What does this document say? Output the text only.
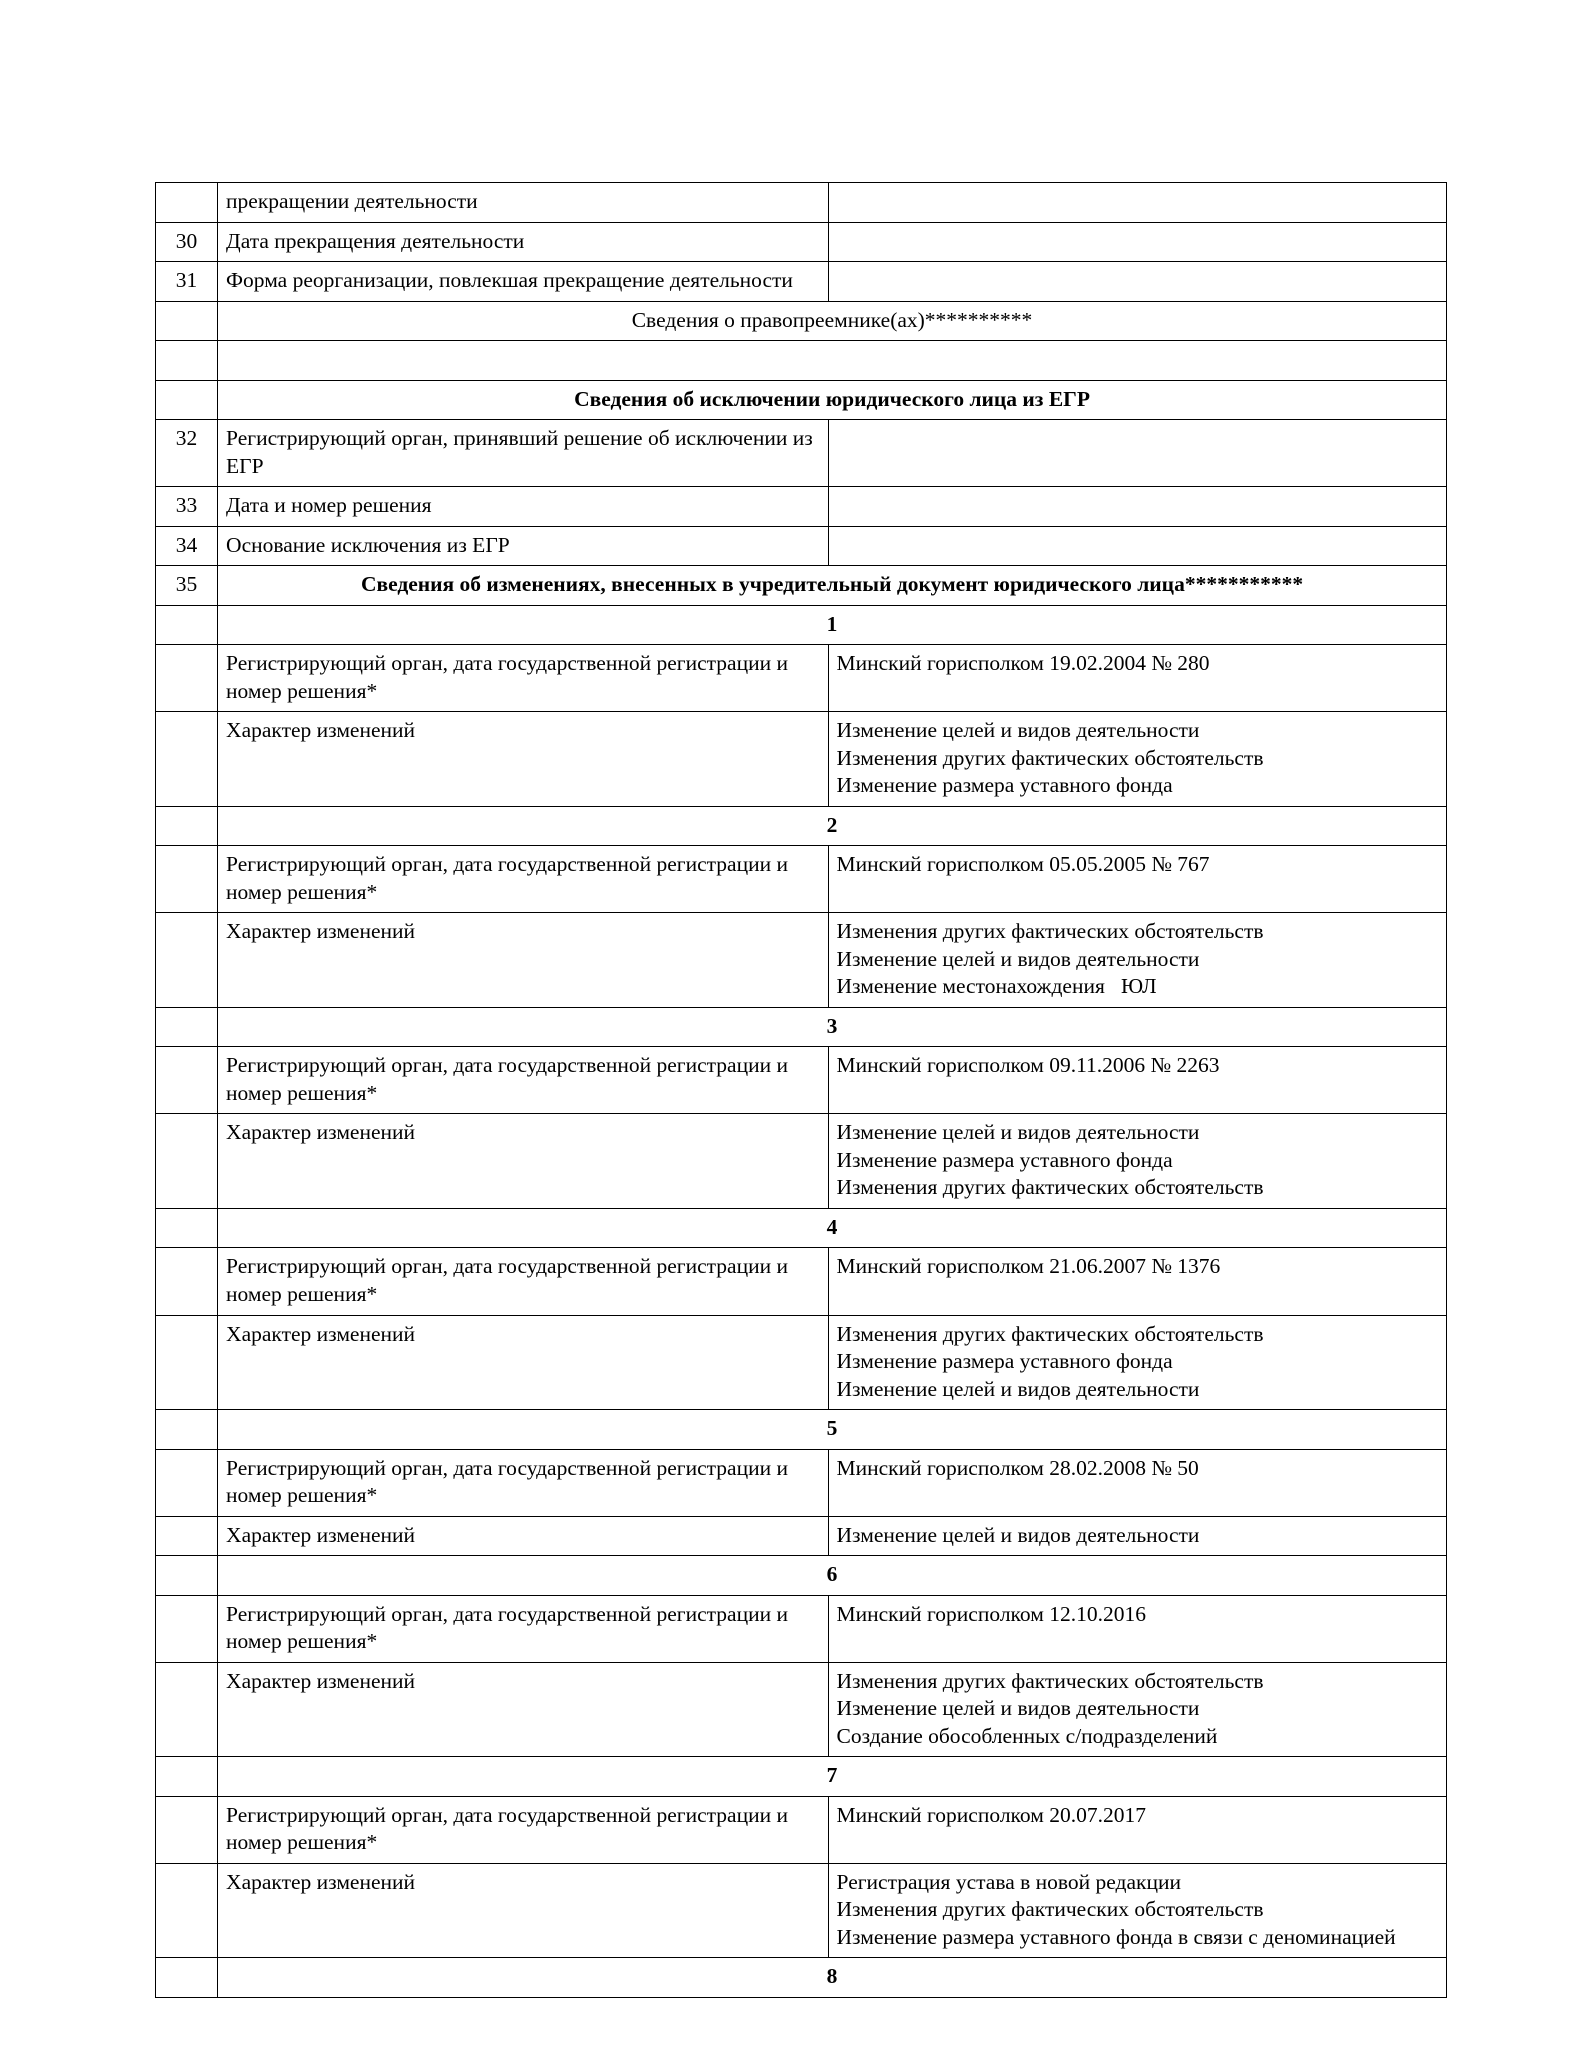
	прекращении деятельности	
30	Дата прекращения деятельности	
31	Форма реорганизации, повлекшая прекращение деятельности	
	Сведения о правопреемнике(ах)**********	

	Сведения об исключении юридического лица из ЕГР	
32	Регистрирующий орган, принявший решение об исключении из ЕГР	
33	Дата и номер решения	
34	Основание исключения из ЕГР	
35	Сведения об изменениях, внесенных в учредительный документ юридического лица***********	
	1	
	Регистрирующий орган, дата государственной регистрации и номер решения*	Минский горисполком 19.02.2004 № 280
	Характер изменений	Изменение целей и видов деятельности
Изменения других фактических обстоятельств
Изменение размера уставного фонда

	2	
	Регистрирующий орган, дата государственной регистрации и номер решения*	Минский горисполком 05.05.2005 № 767
	Характер изменений	Изменения других фактических обстоятельств
Изменение целей и видов деятельности
Изменение местонахождения   ЮЛ

	3	
	Регистрирующий орган, дата государственной регистрации и номер решения*	Минский горисполком 09.11.2006 № 2263
	Характер изменений	Изменение целей и видов деятельности
Изменение размера уставного фонда
Изменения других фактических обстоятельств

	4	
	Регистрирующий орган, дата государственной регистрации и номер решения*	Минский горисполком 21.06.2007 № 1376
	Характер изменений	Изменения других фактических обстоятельств
Изменение размера уставного фонда
Изменение целей и видов деятельности

	5	
	Регистрирующий орган, дата государственной регистрации и номер решения*	Минский горисполком 28.02.2008 № 50
	Характер изменений	Изменение целей и видов деятельности
	6	
	Регистрирующий орган, дата государственной регистрации и номер решения*	Минский горисполком 12.10.2016
	Характер изменений	Изменения других фактических обстоятельств
Изменение целей и видов деятельности
Создание обособленных с/подразделений

	7	
	Регистрирующий орган, дата государственной регистрации и номер решения*	Минский горисполком 20.07.2017
	Характер изменений	Регистрация устава в новой редакции
Изменения других фактических обстоятельств
Изменение размера уставного фонда в связи с деноминацией

	8	
